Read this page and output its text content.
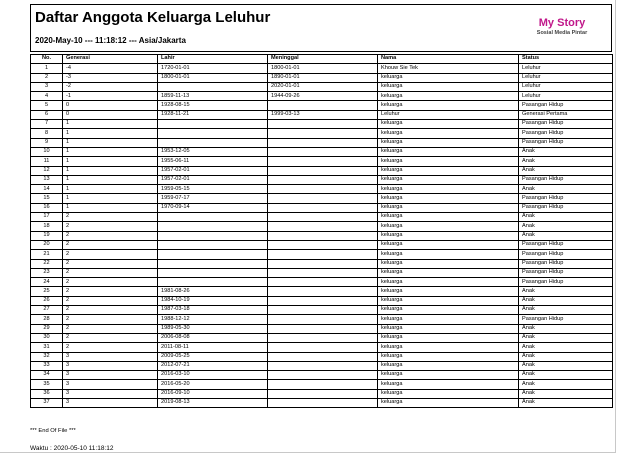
Daftar Anggota Keluarga Leluhur
2020-May-10 --- 11:18:12 --- Asia/Jakarta
My Story
Sosial Media Pintar
No.	Generasi	Lahir	Meninggal	Nama	Status
1	-4	1720-01-01	1800-01-01	Khouw Sie Tek	Leluhur
2	-3	1800-01-01	1890-01-01	keluarga	Leluhur
3	-2		2020-01-01	keluarga	Leluhur
4	-1	1859-11-13	1944-09-26	keluarga	Leluhur
5	0	1928-08-15		keluarga	Pasangan Hidup
6	0	1928-11-21	1999-03-13	Leluhur	Generasi Pertama
7	1			keluarga	Pasangan Hidup
8	1			keluarga	Pasangan Hidup
9	1			keluarga	Pasangan Hidup
10	1	1953-12-05		keluarga	Anak
11	1	1955-06-11		keluarga	Anak
12	1	1957-02-01		keluarga	Anak
13	1	1957-02-01		keluarga	Pasangan Hidup
14	1	1959-05-15		keluarga	Anak
15	1	1959-07-17		keluarga	Pasangan Hidup
16	1	1970-09-14		keluarga	Pasangan Hidup
17	2			keluarga	Anak
18	2			keluarga	Anak
19	2			keluarga	Anak
20	2			keluarga	Pasangan Hidup
21	2			keluarga	Pasangan Hidup
22	2			keluarga	Pasangan Hidup
23	2			keluarga	Pasangan Hidup
24	2			keluarga	Pasangan Hidup
25	2	1981-08-26		keluarga	Anak
26	2	1984-10-19		keluarga	Anak
27	2	1987-03-18		keluarga	Anak
28	2	1988-12-12		keluarga	Pasangan Hidup
29	2	1989-05-30		keluarga	Anak
30	2	2006-08-08		keluarga	Anak
31	2	2011-08-11		keluarga	Anak
32	3	2009-05-25		keluarga	Anak
33	3	2012-07-21		keluarga	Anak
34	3	2016-03-10		keluarga	Anak
35	3	2016-05-20		keluarga	Anak
36	3	2016-09-10		keluarga	Anak
37	3	2019-08-13		keluarga	Anak
*** End Of File ***
Waktu : 2020-05-10 11:18:12
